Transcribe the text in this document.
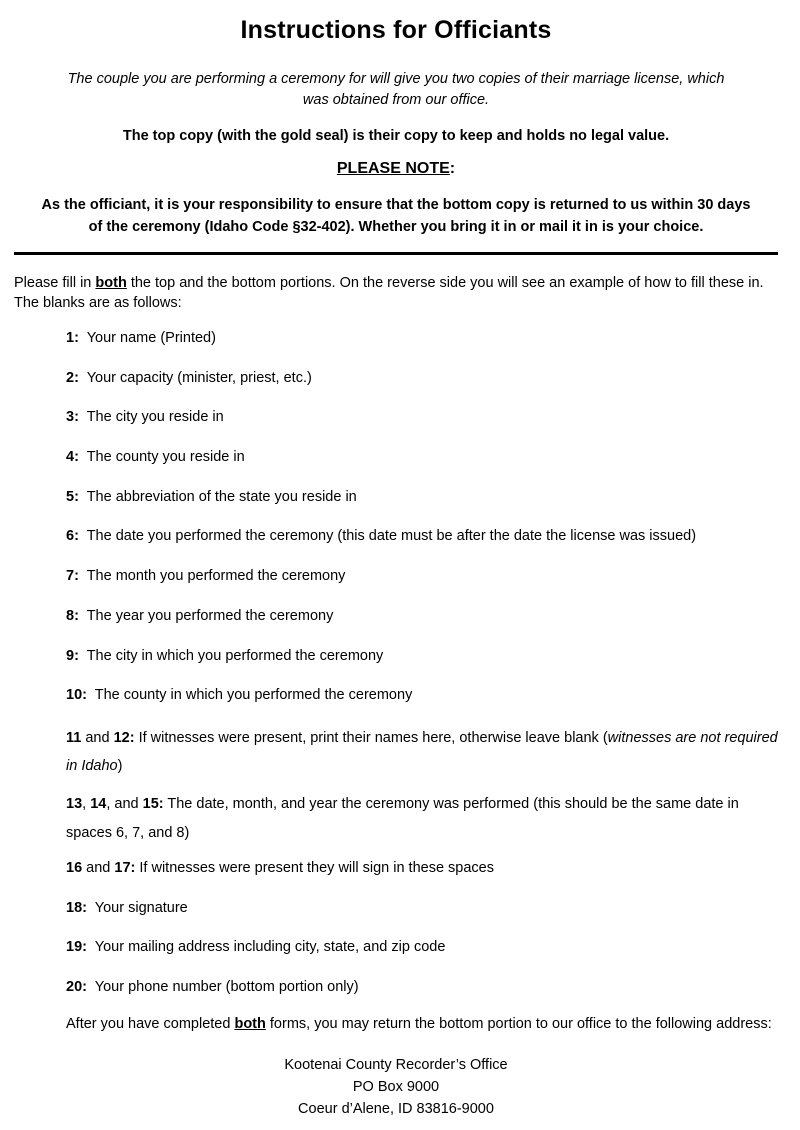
Instructions for Officiants

The couple you are performing a ceremony for will give you two copies of their marriage license, which was obtained from our office.

The top copy (with the gold seal) is their copy to keep and holds no legal value.

PLEASE NOTE:

As the officiant, it is your responsibility to ensure that the bottom copy is returned to us within 30 days of the ceremony (Idaho Code §32-402). Whether you bring it in or mail it in is your choice.

Please fill in both the top and the bottom portions. On the reverse side you will see an example of how to fill these in.

The blanks are as follows:

1: Your name (Printed)
2: Your capacity (minister, priest, etc.)
3: The city you reside in
4: The county you reside in
5: The abbreviation of the state you reside in
6: The date you performed the ceremony (this date must be after the date the license was issued)
7: The month you performed the ceremony
8: The year you performed the ceremony
9: The city in which you performed the ceremony
10: The county in which you performed the ceremony
11 and 12: If witnesses were present, print their names here, otherwise leave blank (witnesses are not required in Idaho)
13, 14, and 15: The date, month, and year the ceremony was performed (this should be the same date in spaces 6, 7, and 8)
16 and 17: If witnesses were present they will sign in these spaces
18: Your signature
19: Your mailing address including city, state, and zip code
20: Your phone number (bottom portion only)

After you have completed both forms, you may return the bottom portion to our office to the following address:

Kootenai County Recorder’s Office
PO Box 9000
Coeur d’Alene, ID 83816-9000
